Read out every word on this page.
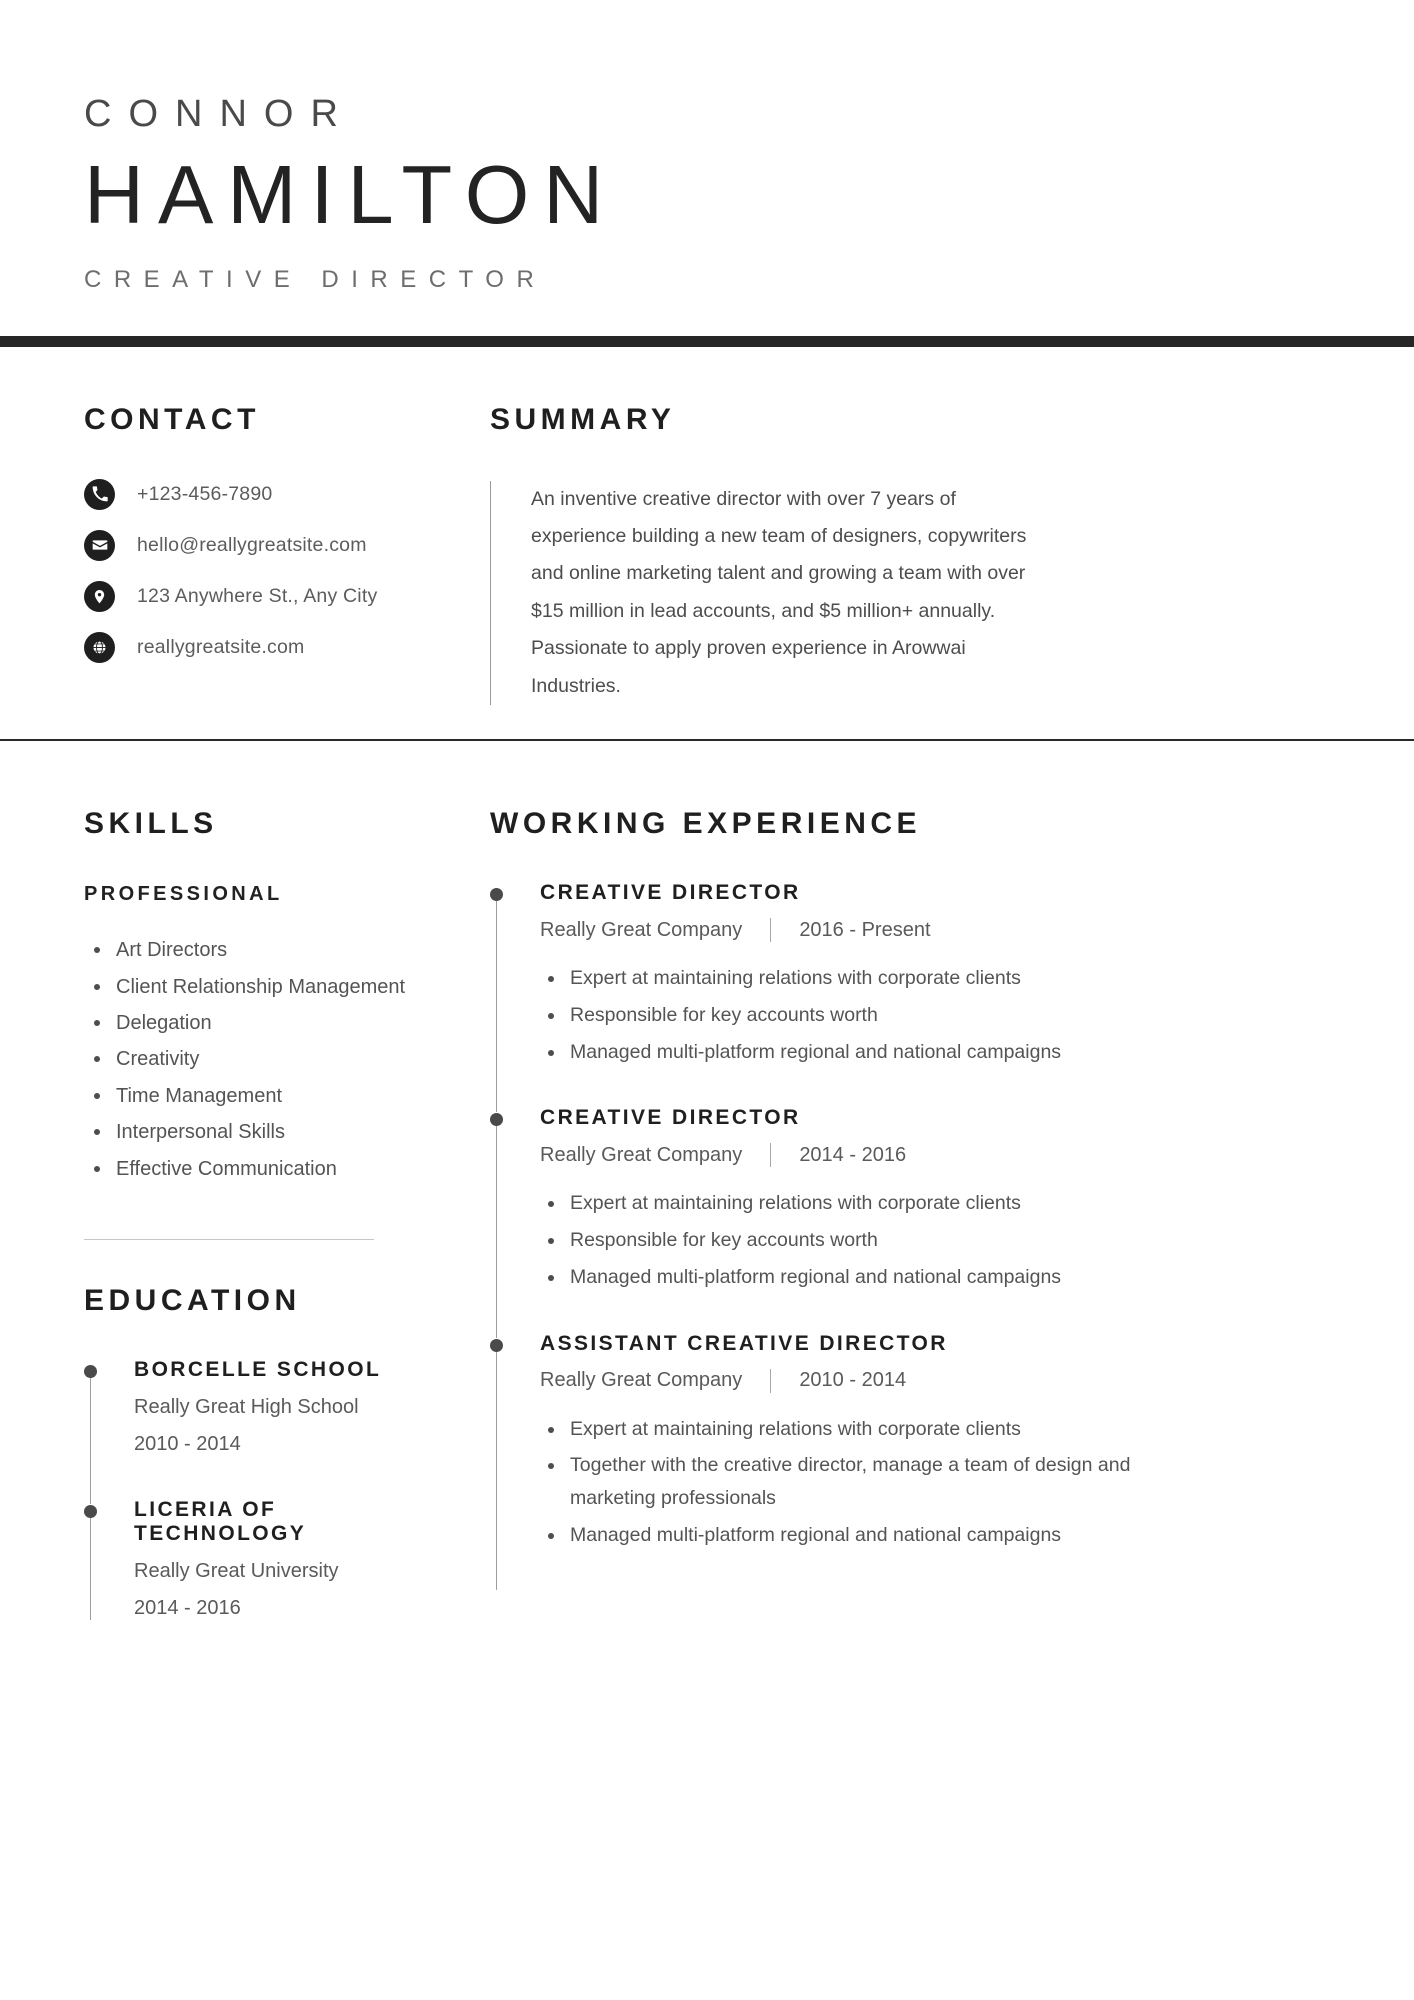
CONNOR
HAMILTON
CREATIVE DIRECTOR
CONTACT
+123-456-7890
hello@reallygreatsite.com
123 Anywhere St., Any City
reallygreatsite.com
SUMMARY
An inventive creative director with over 7 years of experience building a new team of designers, copywriters and online marketing talent and growing a team with over $15 million in lead accounts, and $5 million+ annually. Passionate to apply proven experience in Arowwai Industries.
SKILLS
PROFESSIONAL
Art Directors
Client Relationship Management
Delegation
Creativity
Time Management
Interpersonal Skills
Effective Communication
EDUCATION
BORCELLE SCHOOL
Really Great High School
2010 - 2014
LICERIA OF TECHNOLOGY
Really Great University
2014 - 2016
WORKING EXPERIENCE
CREATIVE DIRECTOR
Really Great Company	2016 - Present
Expert at maintaining relations with corporate clients
Responsible for key accounts worth
Managed multi-platform regional and national campaigns
CREATIVE DIRECTOR
Really Great Company	2014 - 2016
Expert at maintaining relations with corporate clients
Responsible for key accounts worth
Managed multi-platform regional and national campaigns
ASSISTANT CREATIVE DIRECTOR
Really Great Company	2010 - 2014
Expert at maintaining relations with corporate clients
Together with the creative director, manage a team of design and marketing professionals
Managed multi-platform regional and national campaigns
